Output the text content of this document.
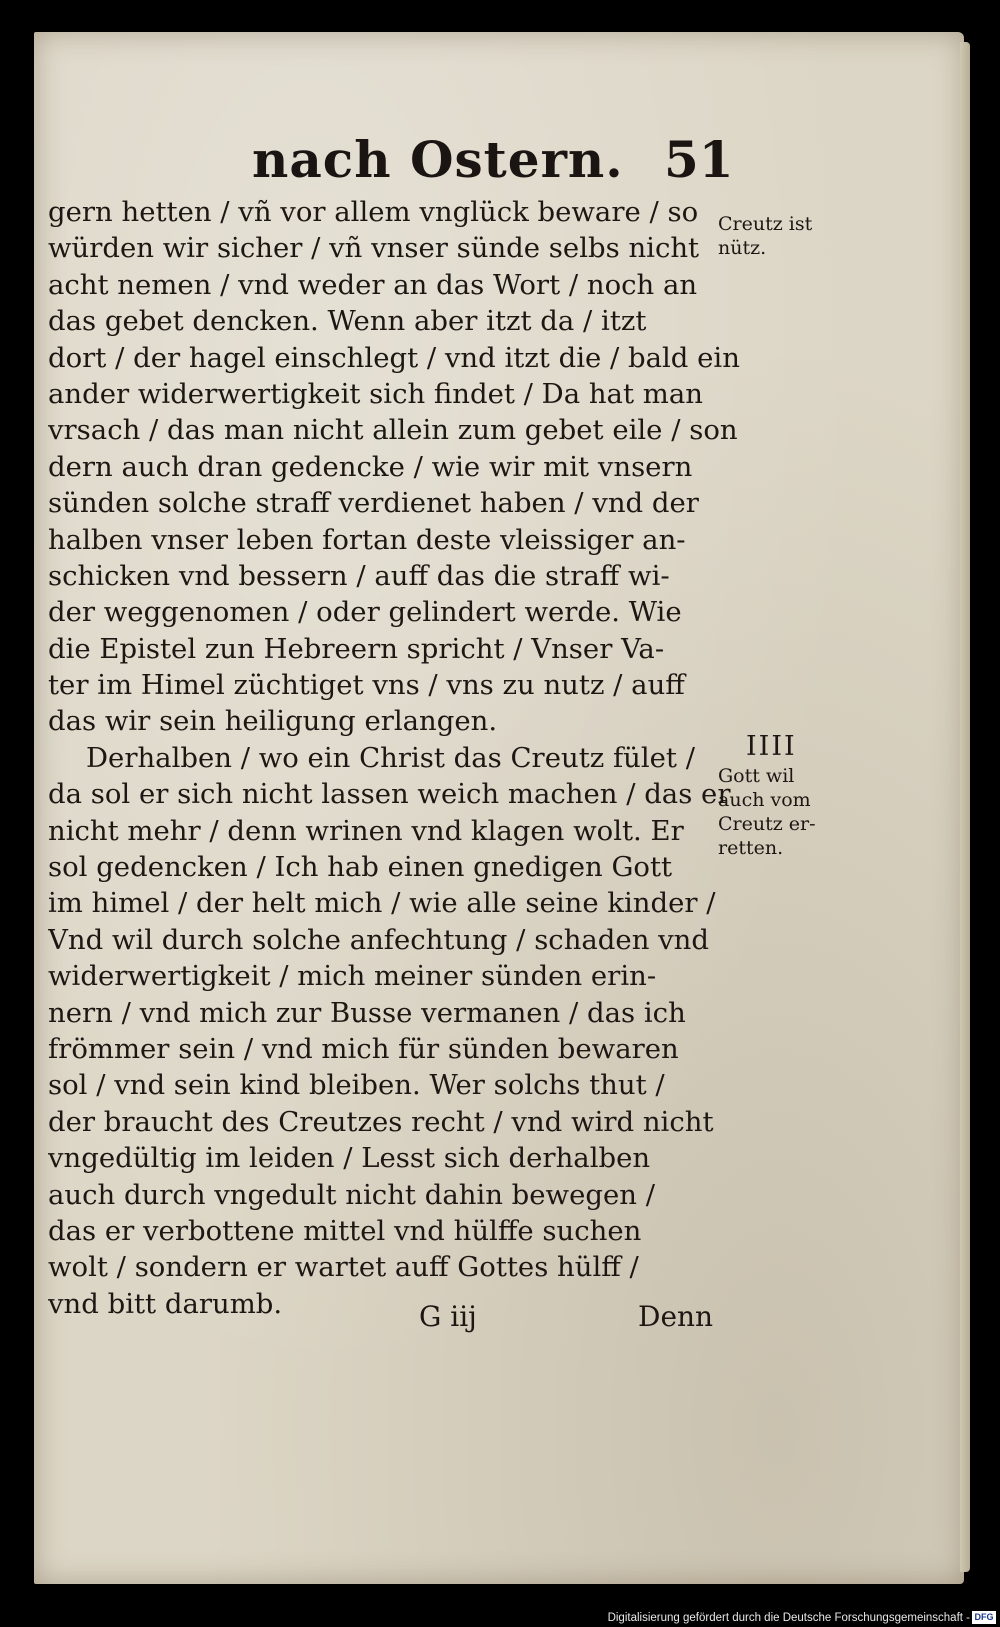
nach Ostern. 51
gern hetten / vñ vor allem vnglück beware / so
würden wir sicher / vñ vnser sünde selbs nicht
acht nemen / vnd weder an das Wort / noch an
das gebet dencken. Wenn aber itzt da / itzt
dort / der hagel einschlegt / vnd itzt die / bald ein
ander widerwertigkeit sich findet / Da hat man
vrsach / das man nicht allein zum gebet eile / son
dern auch dran gedencke / wie wir mit vnsern
sünden solche straff verdienet haben / vnd der
halben vnser leben fortan deste vleissiger an-
schicken vnd bessern / auff das die straff wi-
der weggenomen / oder gelindert werde. Wie
die Epistel zun Hebreern spricht / Vnser Va-
ter im Himel züchtiget vns / vns zu nutz / auff
das wir sein heiligung erlangen.
Derhalben / wo ein Christ das Creutz fület /
da sol er sich nicht lassen weich machen / das er
nicht mehr / denn wrinen vnd klagen wolt. Er
sol gedencken / Ich hab einen gnedigen Gott
im himel / der helt mich / wie alle seine kinder /
Vnd wil durch solche anfechtung / schaden vnd
widerwertigkeit / mich meiner sünden erin-
nern / vnd mich zur Busse vermanen / das ich
frömmer sein / vnd mich für sünden bewaren
sol / vnd sein kind bleiben. Wer solchs thut /
der braucht des Creutzes recht / vnd wird nicht
vngedültig im leiden / Lesst sich derhalben
auch durch vngedult nicht dahin bewegen /
das er verbottene mittel vnd hülffe suchen
wolt / sondern er wartet auff Gottes hülff /
vnd bitt darumb.
Creutz ist
nütz.
IIII
Gott wil
auch vom
Creutz er-
retten.
G iij	Denn
Digitalisierung gefördert durch die Deutsche Forschungsgemeinschaft - DFG
